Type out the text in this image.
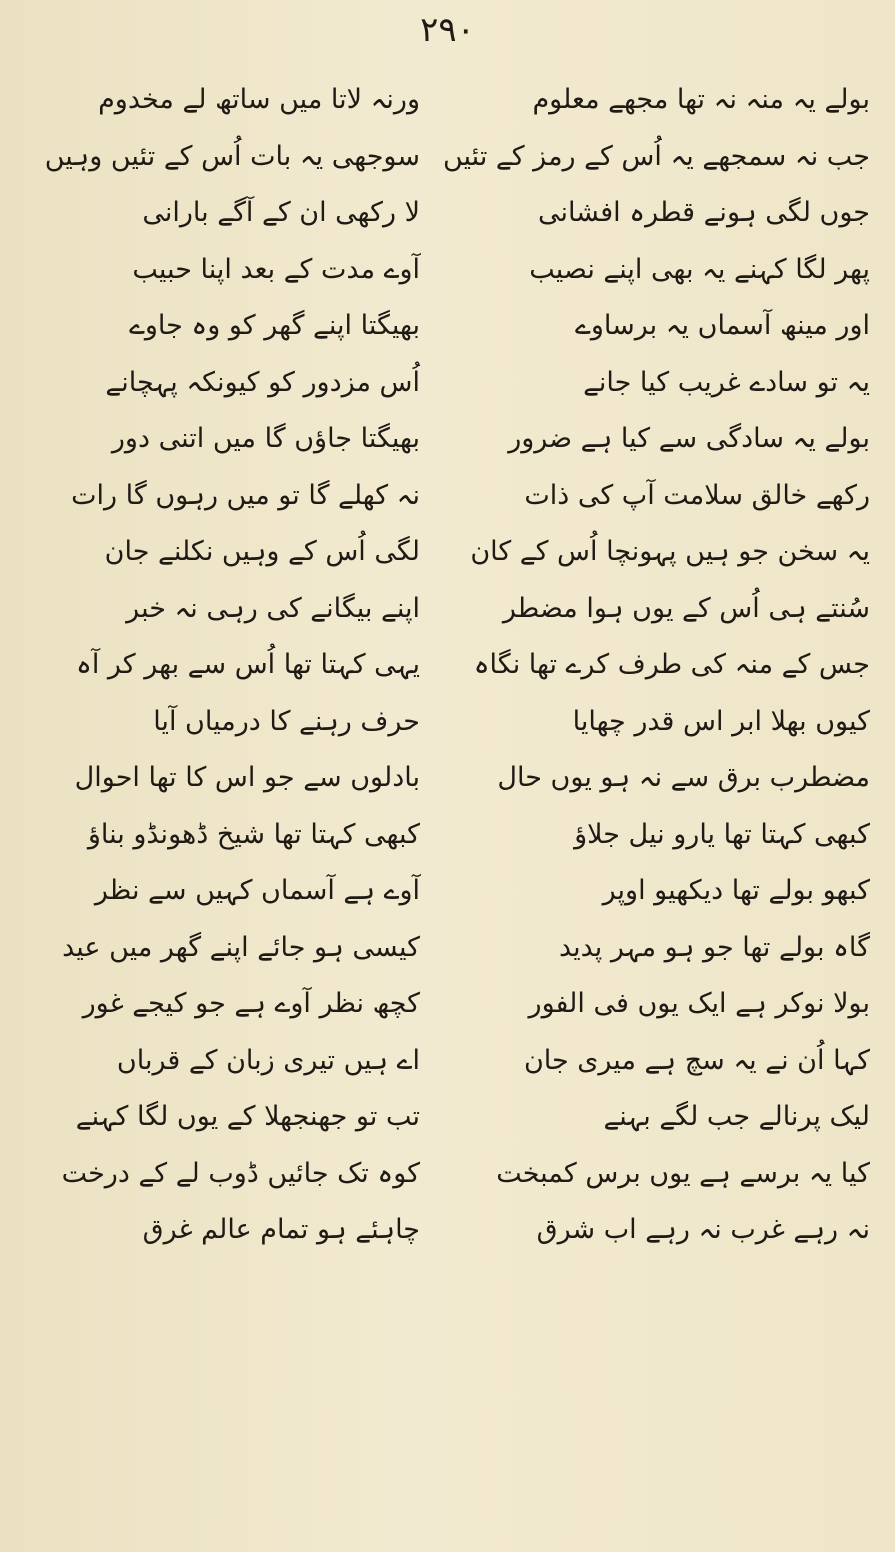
۲۹۰
بولے یہ منہ نہ تھا مجھے معلوم
جب نہ سمجھے یہ اُس کے رمز کے تئیں
جوں لگی ہونے قطرہ افشانی
پھر لگا کہنے یہ بھی اپنے نصیب
اور مینھ آسماں یہ برساوے
یہ تو سادے غریب کیا جانے
بولے یہ سادگی سے کیا ہے ضرور
رکھے خالق سلامت آپ کی ذات
یہ سخن جو ہیں پہونچا اُس کے کان
سُنتے ہی اُس کے یوں ہوا مضطر
جس کے منہ کی طرف کرے تھا نگاہ
کیوں بھلا ابر اس قدر چھایا
مضطرب برق سے نہ ہو یوں حال
کبھی کہتا تھا یارو نیل جلاؤ
کبھو بولے تھا دیکھیو اوپر
گاہ بولے تھا جو ہو مہر پدید
بولا نوکر ہے ایک یوں فی الفور
کہا اُن نے یہ سچ ہے میری جان
لیک پرنالے جب لگے بہنے
کیا یہ برسے ہے یوں برس کمبخت
نہ رہے غرب نہ رہے اب شرق
ورنہ لاتا میں ساتھ لے مخدوم
سوجھی یہ بات اُس کے تئیں وہیں
لا رکھی ان کے آگے بارانی
آوے مدت کے بعد اپنا حبیب
بھیگتا اپنے گھر کو وہ جاوے
اُس مزدور کو کیونکہ پہچانے
بھیگتا جاؤں گا میں اتنی دور
نہ کھلے گا تو میں رہوں گا رات
لگی اُس کے وہیں نکلنے جان
اپنے بیگانے کی رہی نہ خبر
یہی کہتا تھا اُس سے بھر کر آہ
حرف رہنے کا درمیاں آیا
بادلوں سے جو اس کا تھا احوال
کبھی کہتا تھا شیخ ڈھونڈو بناؤ
آوے ہے آسماں کہیں سے نظر
کیسی ہو جائے اپنے گھر میں عید
کچھ نظر آوے ہے جو کیجے غور
اے ہیں تیری زبان کے قرباں
تب تو جھنجھلا کے یوں لگا کہنے
کوہ تک جائیں ڈوب لے کے درخت
چاہئے ہو تمام عالم غرق
